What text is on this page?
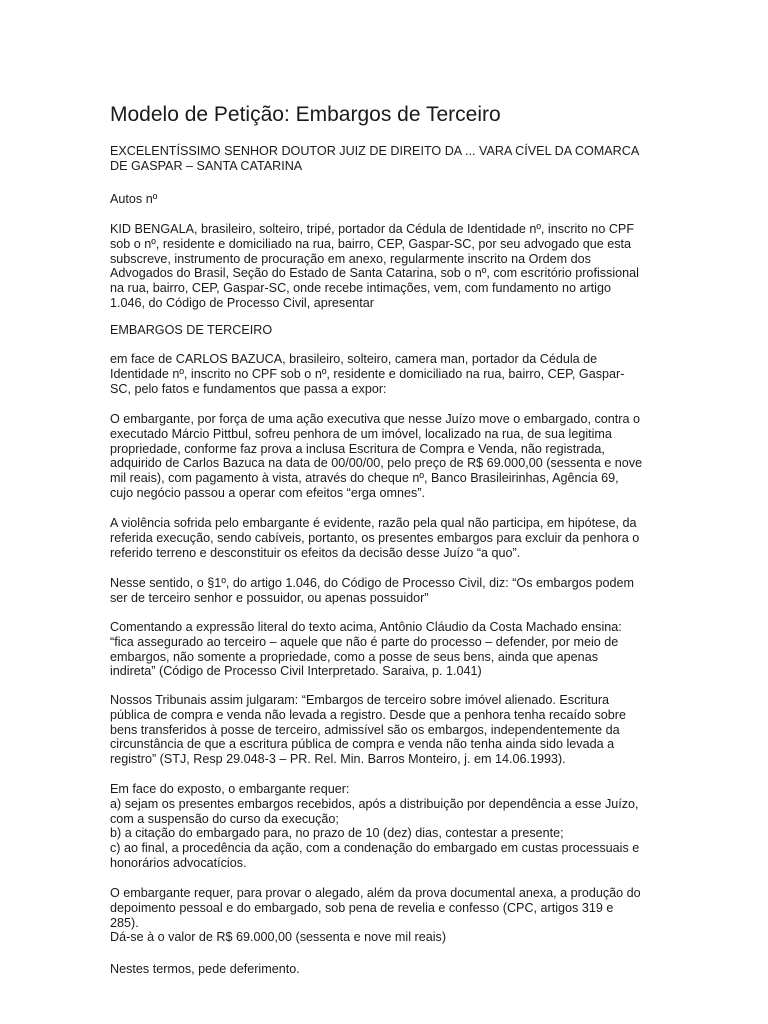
Modelo de Petição: Embargos de Terceiro
EXCELENTÍSSIMO SENHOR DOUTOR JUIZ DE DIREITO DA ... VARA CÍVEL DA COMARCA
DE GASPAR – SANTA CATARINA
Autos nº
KID BENGALA, brasileiro, solteiro, tripé, portador da Cédula de Identidade nº, inscrito no CPF
sob o nº, residente e domiciliado na rua, bairro, CEP, Gaspar-SC, por seu advogado que esta
subscreve, instrumento de procuração em anexo, regularmente inscrito na Ordem dos
Advogados do Brasil, Seção do Estado de Santa Catarina, sob o nº, com escritório profissional
na rua, bairro, CEP, Gaspar-SC, onde recebe intimações, vem, com fundamento no artigo
1.046, do Código de Processo Civil, apresentar
EMBARGOS DE TERCEIRO
em face de CARLOS BAZUCA, brasileiro, solteiro, camera man, portador da Cédula de
Identidade nº, inscrito no CPF sob o nº, residente e domiciliado na rua, bairro, CEP, Gaspar-
SC, pelo fatos e fundamentos que passa a expor:
O embargante, por força de uma ação executiva que nesse Juízo move o embargado, contra o
executado Márcio Pittbul, sofreu penhora de um imóvel, localizado na rua, de sua legitima
propriedade, conforme faz prova a inclusa Escritura de Compra e Venda, não registrada,
adquirido de Carlos Bazuca na data de 00/00/00, pelo preço de R$ 69.000,00 (sessenta e nove
mil reais), com pagamento à vista, através do cheque nº, Banco Brasileirinhas, Agência 69,
cujo negócio passou a operar com efeitos “erga omnes”.
A violência sofrida pelo embargante é evidente, razão pela qual não participa, em hipótese, da
referida execução, sendo cabíveis, portanto, os presentes embargos para excluir da penhora o
referido terreno e desconstituir os efeitos da decisão desse Juízo “a quo”.
Nesse sentido, o §1º, do artigo 1.046, do Código de Processo Civil, diz: “Os embargos podem
ser de terceiro senhor e possuidor, ou apenas possuidor”
Comentando a expressão literal do texto acima, Antônio Cláudio da Costa Machado ensina:
“fica assegurado ao terceiro – aquele que não é parte do processo – defender, por meio de
embargos, não somente a propriedade, como a posse de seus bens, ainda que apenas
indireta” (Código de Processo Civil Interpretado. Saraiva, p. 1.041)
Nossos Tribunais assim julgaram: “Embargos de terceiro sobre imóvel alienado. Escritura
pública de compra e venda não levada a registro. Desde que a penhora tenha recaído sobre
bens transferidos à posse de terceiro, admissível são os embargos, independentemente da
circunstância de que a escritura pública de compra e venda não tenha ainda sido levada a
registro” (STJ, Resp 29.048-3 – PR. Rel. Min. Barros Monteiro, j. em 14.06.1993).
Em face do exposto, o embargante requer:
a) sejam os presentes embargos recebidos, após a distribuição por dependência a esse Juízo,
com a suspensão do curso da execução;
b) a citação do embargado para, no prazo de 10 (dez) dias, contestar a presente;
c) ao final, a procedência da ação, com a condenação do embargado em custas processuais e
honorários advocatícios.
O embargante requer, para provar o alegado, além da prova documental anexa, a produção do
depoimento pessoal e do embargado, sob pena de revelia e confesso (CPC, artigos 319 e
285).
Dá-se à o valor de R$ 69.000,00 (sessenta e nove mil reais)
Nestes termos, pede deferimento.
